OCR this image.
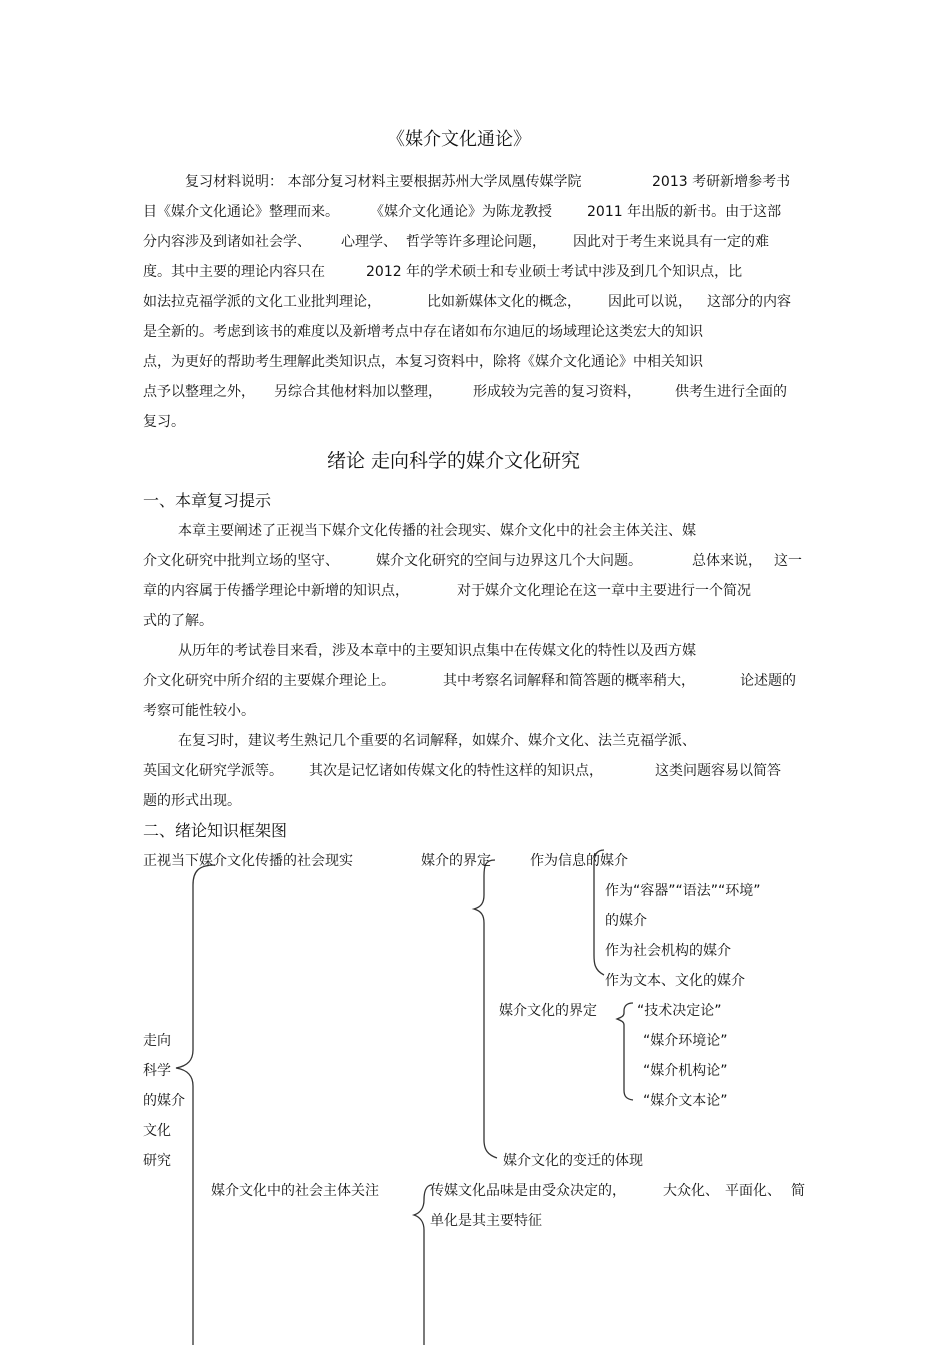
《媒介文化通论》
复习材料说明： 本部分复习材料主要根据苏州大学凤凰传媒学院	2013 考研新增参考书
目《媒介文化通论》整理而来。 《媒介文化通论》为陈龙教授	2011 年出版的新书。由于这部
分内容涉及到诸如社会学、 心理学、 哲学等许多理论问题， 因此对于考生来说具有一定的难
度。其中主要的理论内容只在	2012 年的学术硕士和专业硕士考试中涉及到几个知识点，比
如法拉克福学派的文化工业批判理论，	比如新媒体文化的概念， 因此可以说， 这部分的内容
是全新的。考虑到该书的难度以及新增考点中存在诸如布尔迪厄的场域理论这类宏大的知识
点，为更好的帮助考生理解此类知识点，本复习资料中，除将《媒介文化通论》中相关知识
点予以整理之外， 另综合其他材料加以整理， 形成较为完善的复习资料， 供考生进行全面的
复习。
绪论 走向科学的媒介文化研究
一、本章复习提示
本章主要阐述了正视当下媒介文化传播的社会现实、媒介文化中的社会主体关注、媒
介文化研究中批判立场的坚守、	媒介文化研究的空间与边界这几个大问题。	总体来说， 这一
章的内容属于传播学理论中新增的知识点，	对于媒介文化理论在这一章中主要进行一个简况
式的了解。
从历年的考试卷目来看，涉及本章中的主要知识点集中在传媒文化的特性以及西方媒
介文化研究中所介绍的主要媒介理论上。	其中考察名词解释和简答题的概率稍大，	论述题的
考察可能性较小。
在复习时，建议考生熟记几个重要的名词解释，如媒介、媒介文化、法兰克福学派、
英国文化研究学派等。 其次是记忆诸如传媒文化的特性这样的知识点，	这类问题容易以简答
题的形式出现。
二、绪论知识框架图
正视当下媒介文化传播的社会现实	媒介的界定	作为信息的媒介
作为“容器”“语法”“环境”
的媒介
作为社会机构的媒介
作为文本、文化的媒介
媒介文化的界定	“技术决定论”
“媒介环境论”
“媒介机构论”
“媒介文本论”
走向
科学
的媒介
文化
研究	媒介文化的变迁的体现
媒介文化中的社会主体关注	传媒文化品味是由受众决定的，	大众化、 平面化、 简
单化是其主要特征
